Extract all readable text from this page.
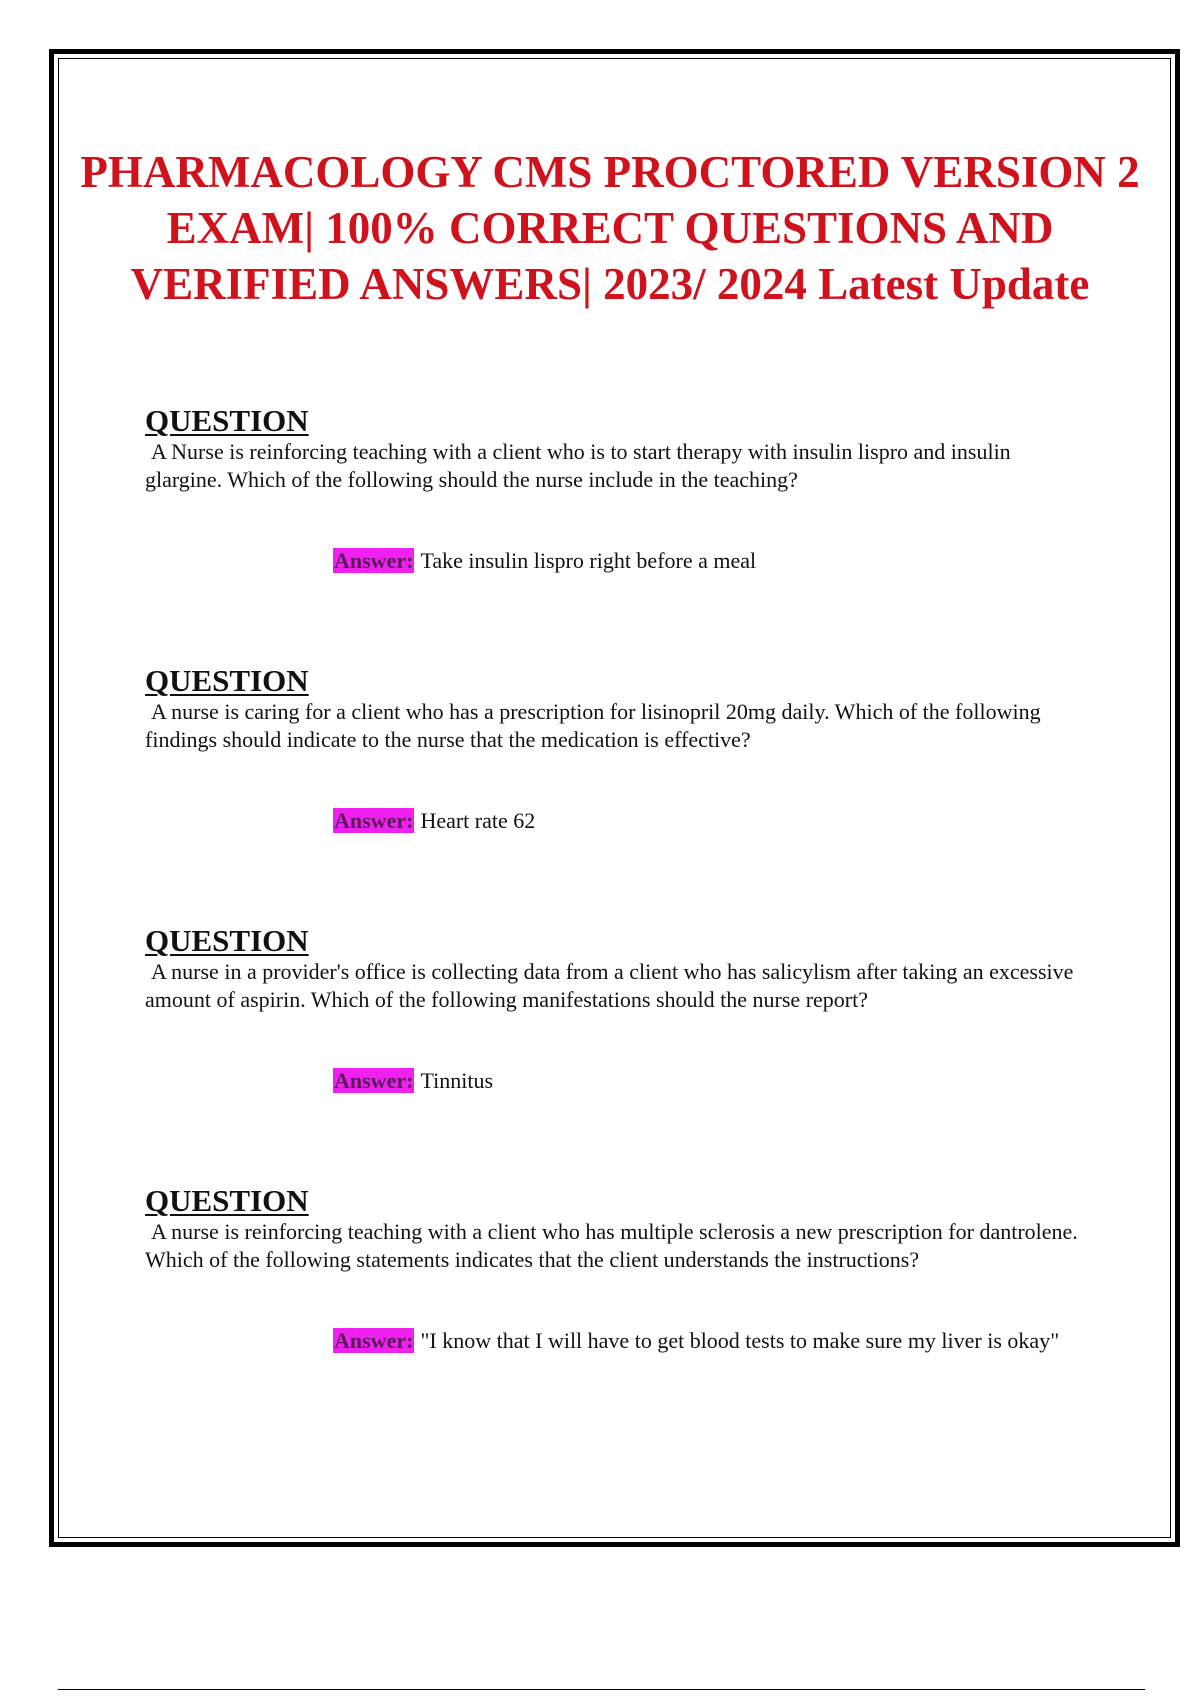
PHARMACOLOGY CMS PROCTORED VERSION 2 EXAM| 100% CORRECT QUESTIONS AND VERIFIED ANSWERS| 2023/ 2024 Latest Update
QUESTION

A Nurse is reinforcing teaching with a client who is to start therapy with insulin lispro and insulin glargine. Which of the following should the nurse include in the teaching?

Answer: Take insulin lispro right before a meal

QUESTION

A nurse is caring for a client who has a prescription for lisinopril 20mg daily. Which of the following findings should indicate to the nurse that the medication is effective?

Answer: Heart rate 62

QUESTION

A nurse in a provider's office is collecting data from a client who has salicylism after taking an excessive amount of aspirin. Which of the following manifestations should the nurse report?

Answer: Tinnitus

QUESTION

A nurse is reinforcing teaching with a client who has multiple sclerosis a new prescription for dantrolene. Which of the following statements indicates that the client understands the instructions?

Answer: "I know that I will have to get blood tests to make sure my liver is okay"
